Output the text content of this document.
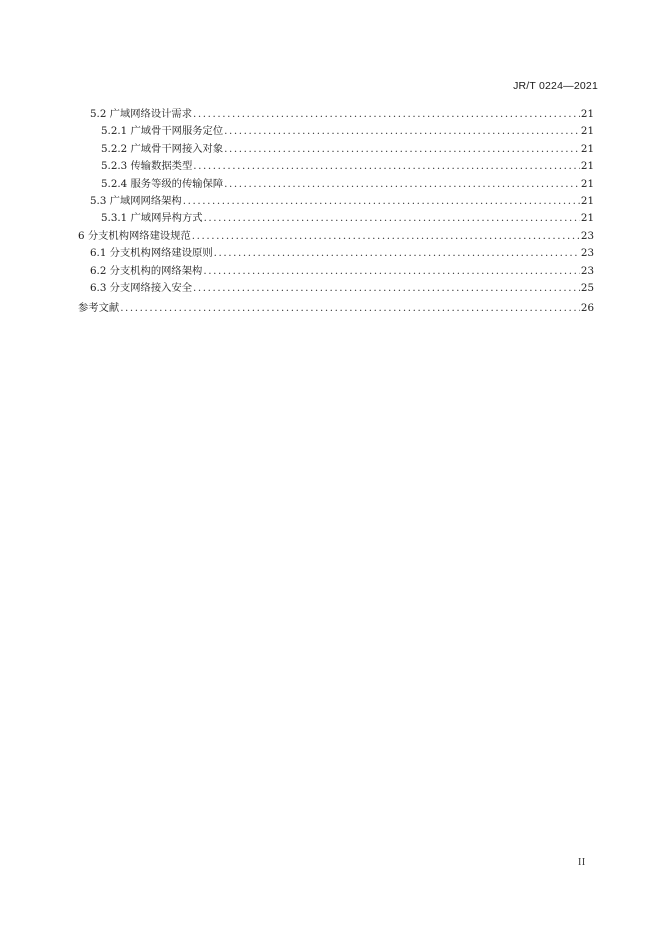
JR/T 0224—2021
5.2 广域网络设计需求 .....	21
5.2.1 广域骨干网服务定位 .....	21
5.2.2 广域骨干网接入对象 .....	21
5.2.3 传输数据类型 .....	21
5.2.4 服务等级的传输保障 .....	21
5.3 广域网网络架构 .....	21
5.3.1 广域网异构方式 .....	21
6 分支机构网络建设规范 .....	23
6.1 分支机构网络建设原则 .....	23
6.2 分支机构的网络架构 .....	23
6.3 分支网络接入安全 .....	25
参考文献 .....	26
II
